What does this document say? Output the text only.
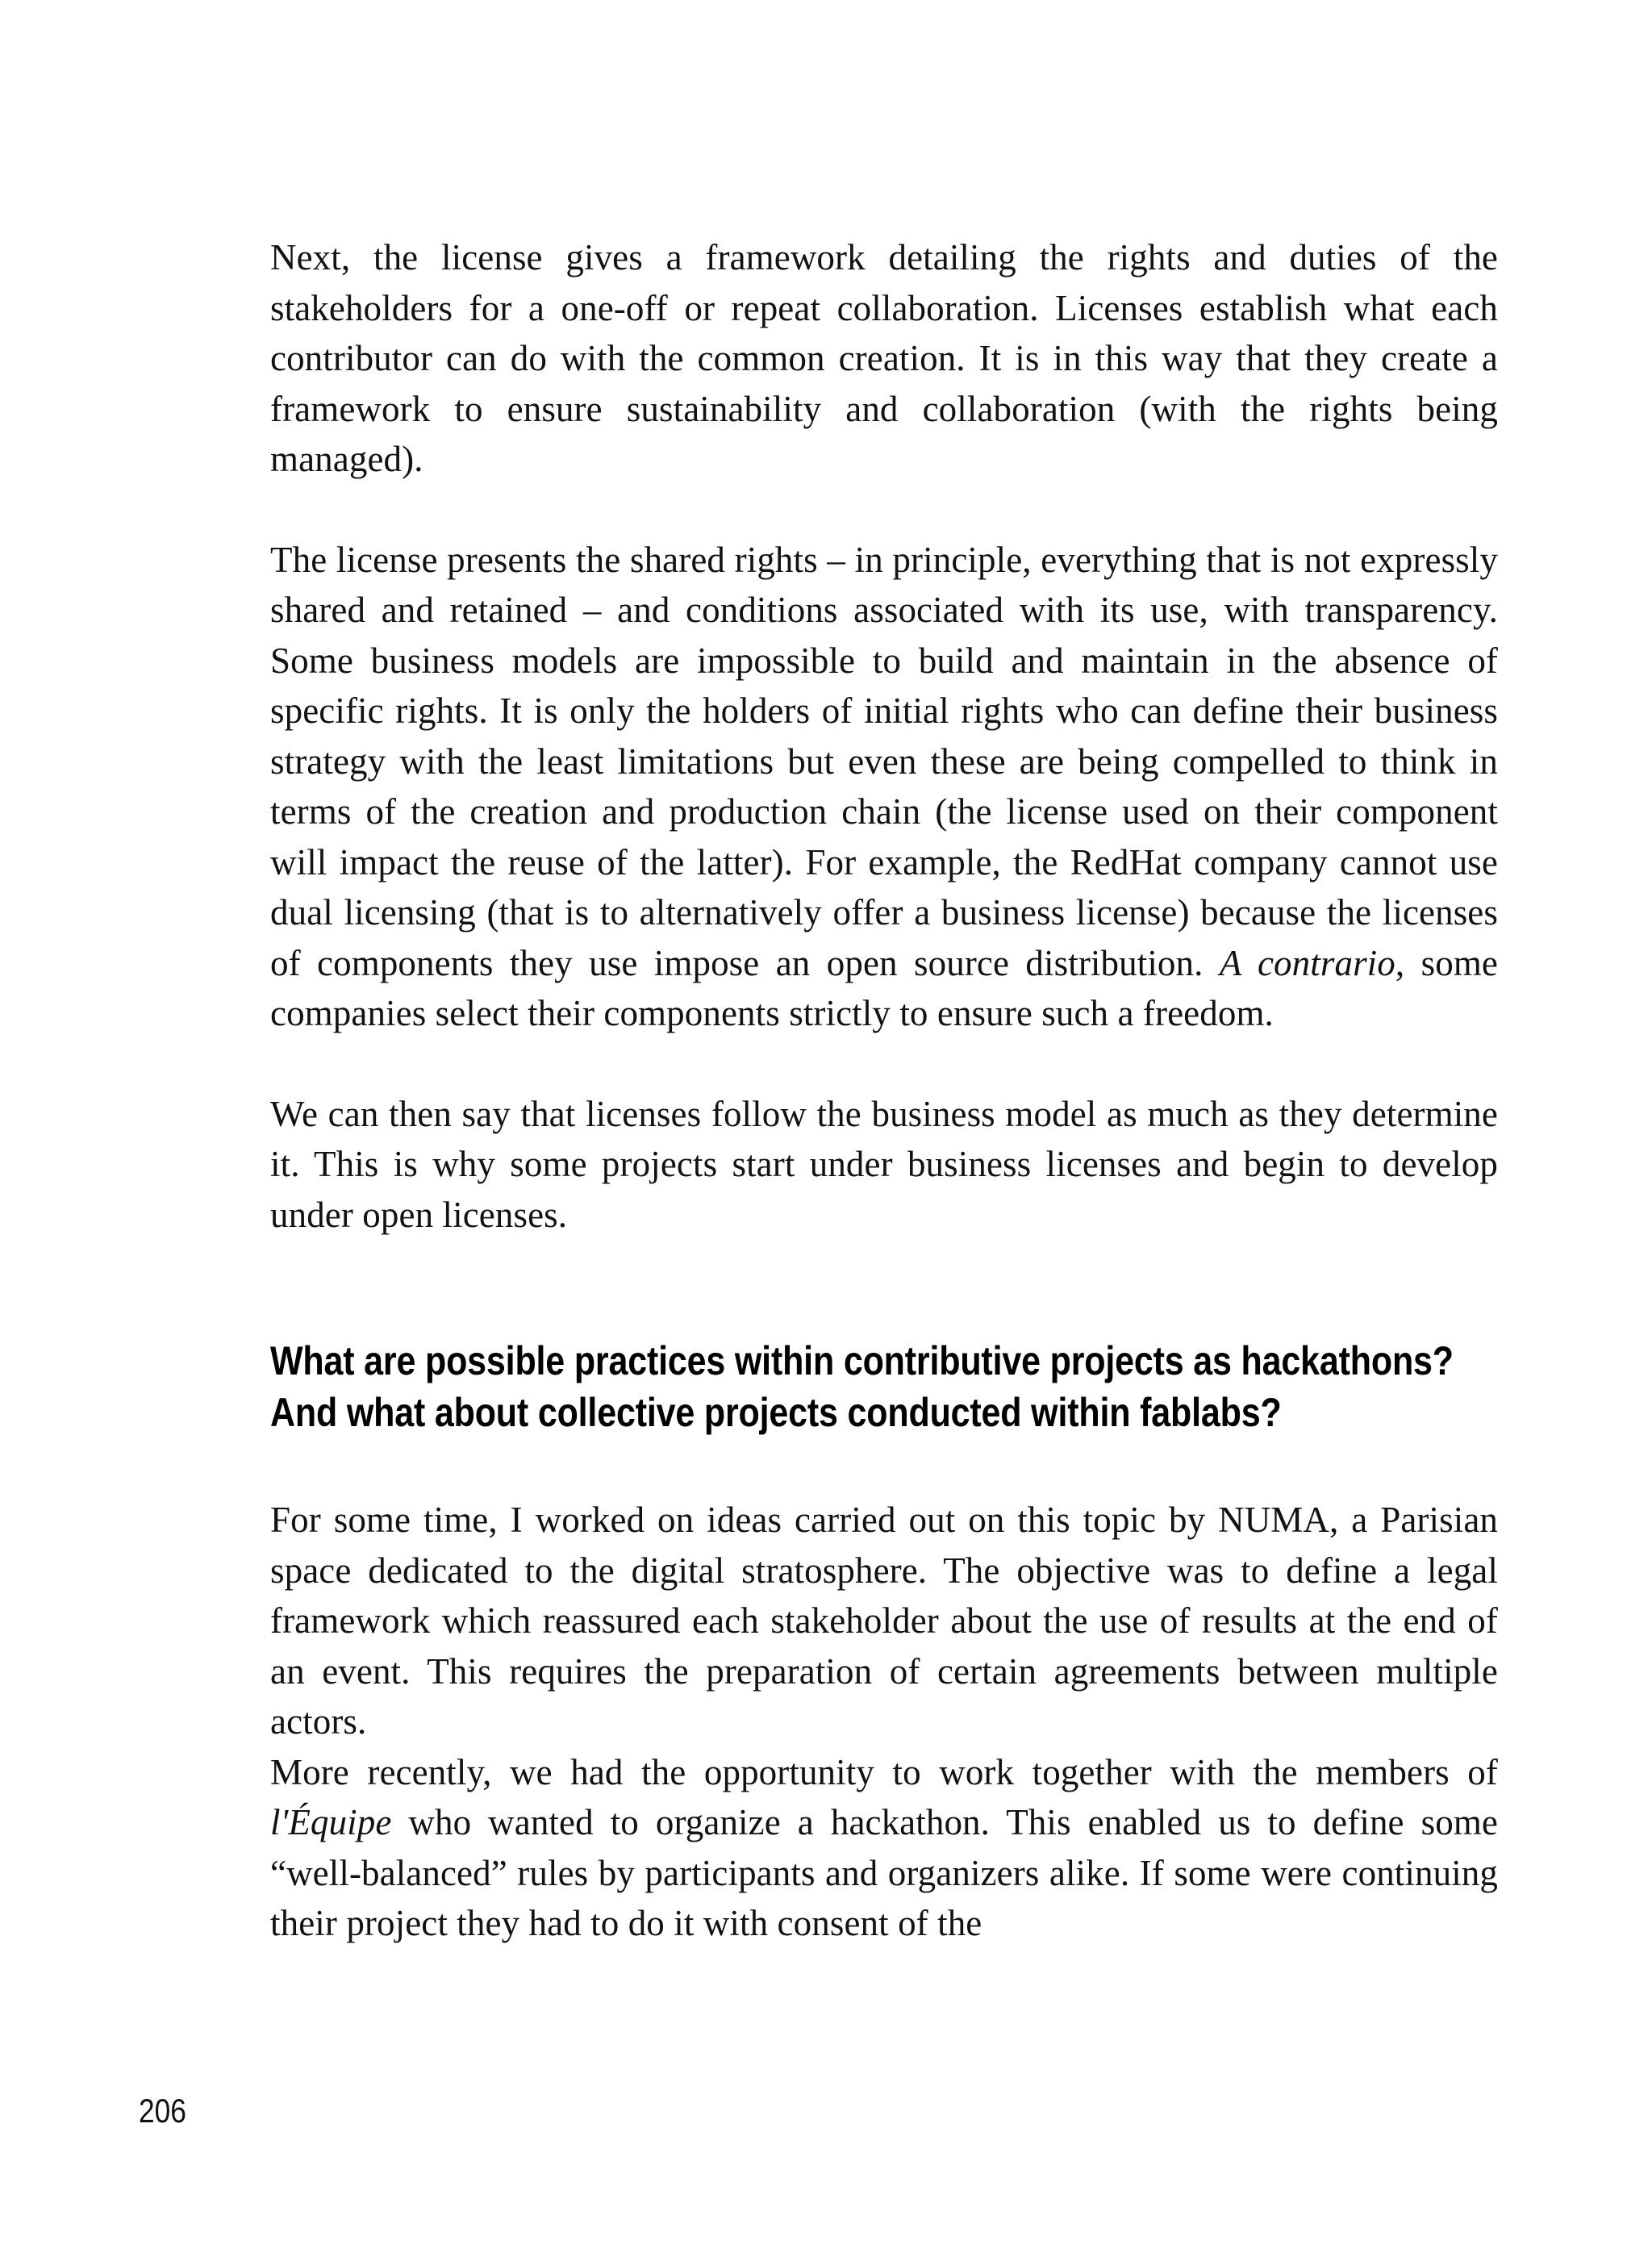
Next, the license gives a framework detailing the rights and duties of the stakeholders for a one-off or repeat collaboration. Licenses establish what each contributor can do with the common creation. It is in this way that they create a framework to ensure sustainability and collaboration (with the rights being managed).

The license presents the shared rights – in principle, everything that is not expressly shared and retained – and conditions associated with its use, with transparency. Some business models are impossible to build and maintain in the absence of specific rights. It is only the holders of initial rights who can define their business strategy with the least limitations but even these are being compelled to think in terms of the creation and production chain (the license used on their component will impact the reuse of the latter). For example, the RedHat company cannot use dual licensing (that is to alternatively offer a business license) because the licenses of components they use impose an open source distribution. A contrario, some companies select their components strictly to ensure such a freedom.

We can then say that licenses follow the business model as much as they determine it. This is why some projects start under business licenses and begin to develop under open licenses.

What are possible practices within contributive projects as hackathons?
And what about collective projects conducted within fablabs?

For some time, I worked on ideas carried out on this topic by NUMA, a Parisian space dedicated to the digital stratosphere. The objective was to define a legal framework which reassured each stakeholder about the use of results at the end of an event. This requires the preparation of certain agreements between multiple actors.

More recently, we had the opportunity to work together with the members of l'Équipe who wanted to organize a hackathon. This enabled us to define some “well-balanced” rules by participants and organizers alike. If some were continuing their project they had to do it with consent of the

206
